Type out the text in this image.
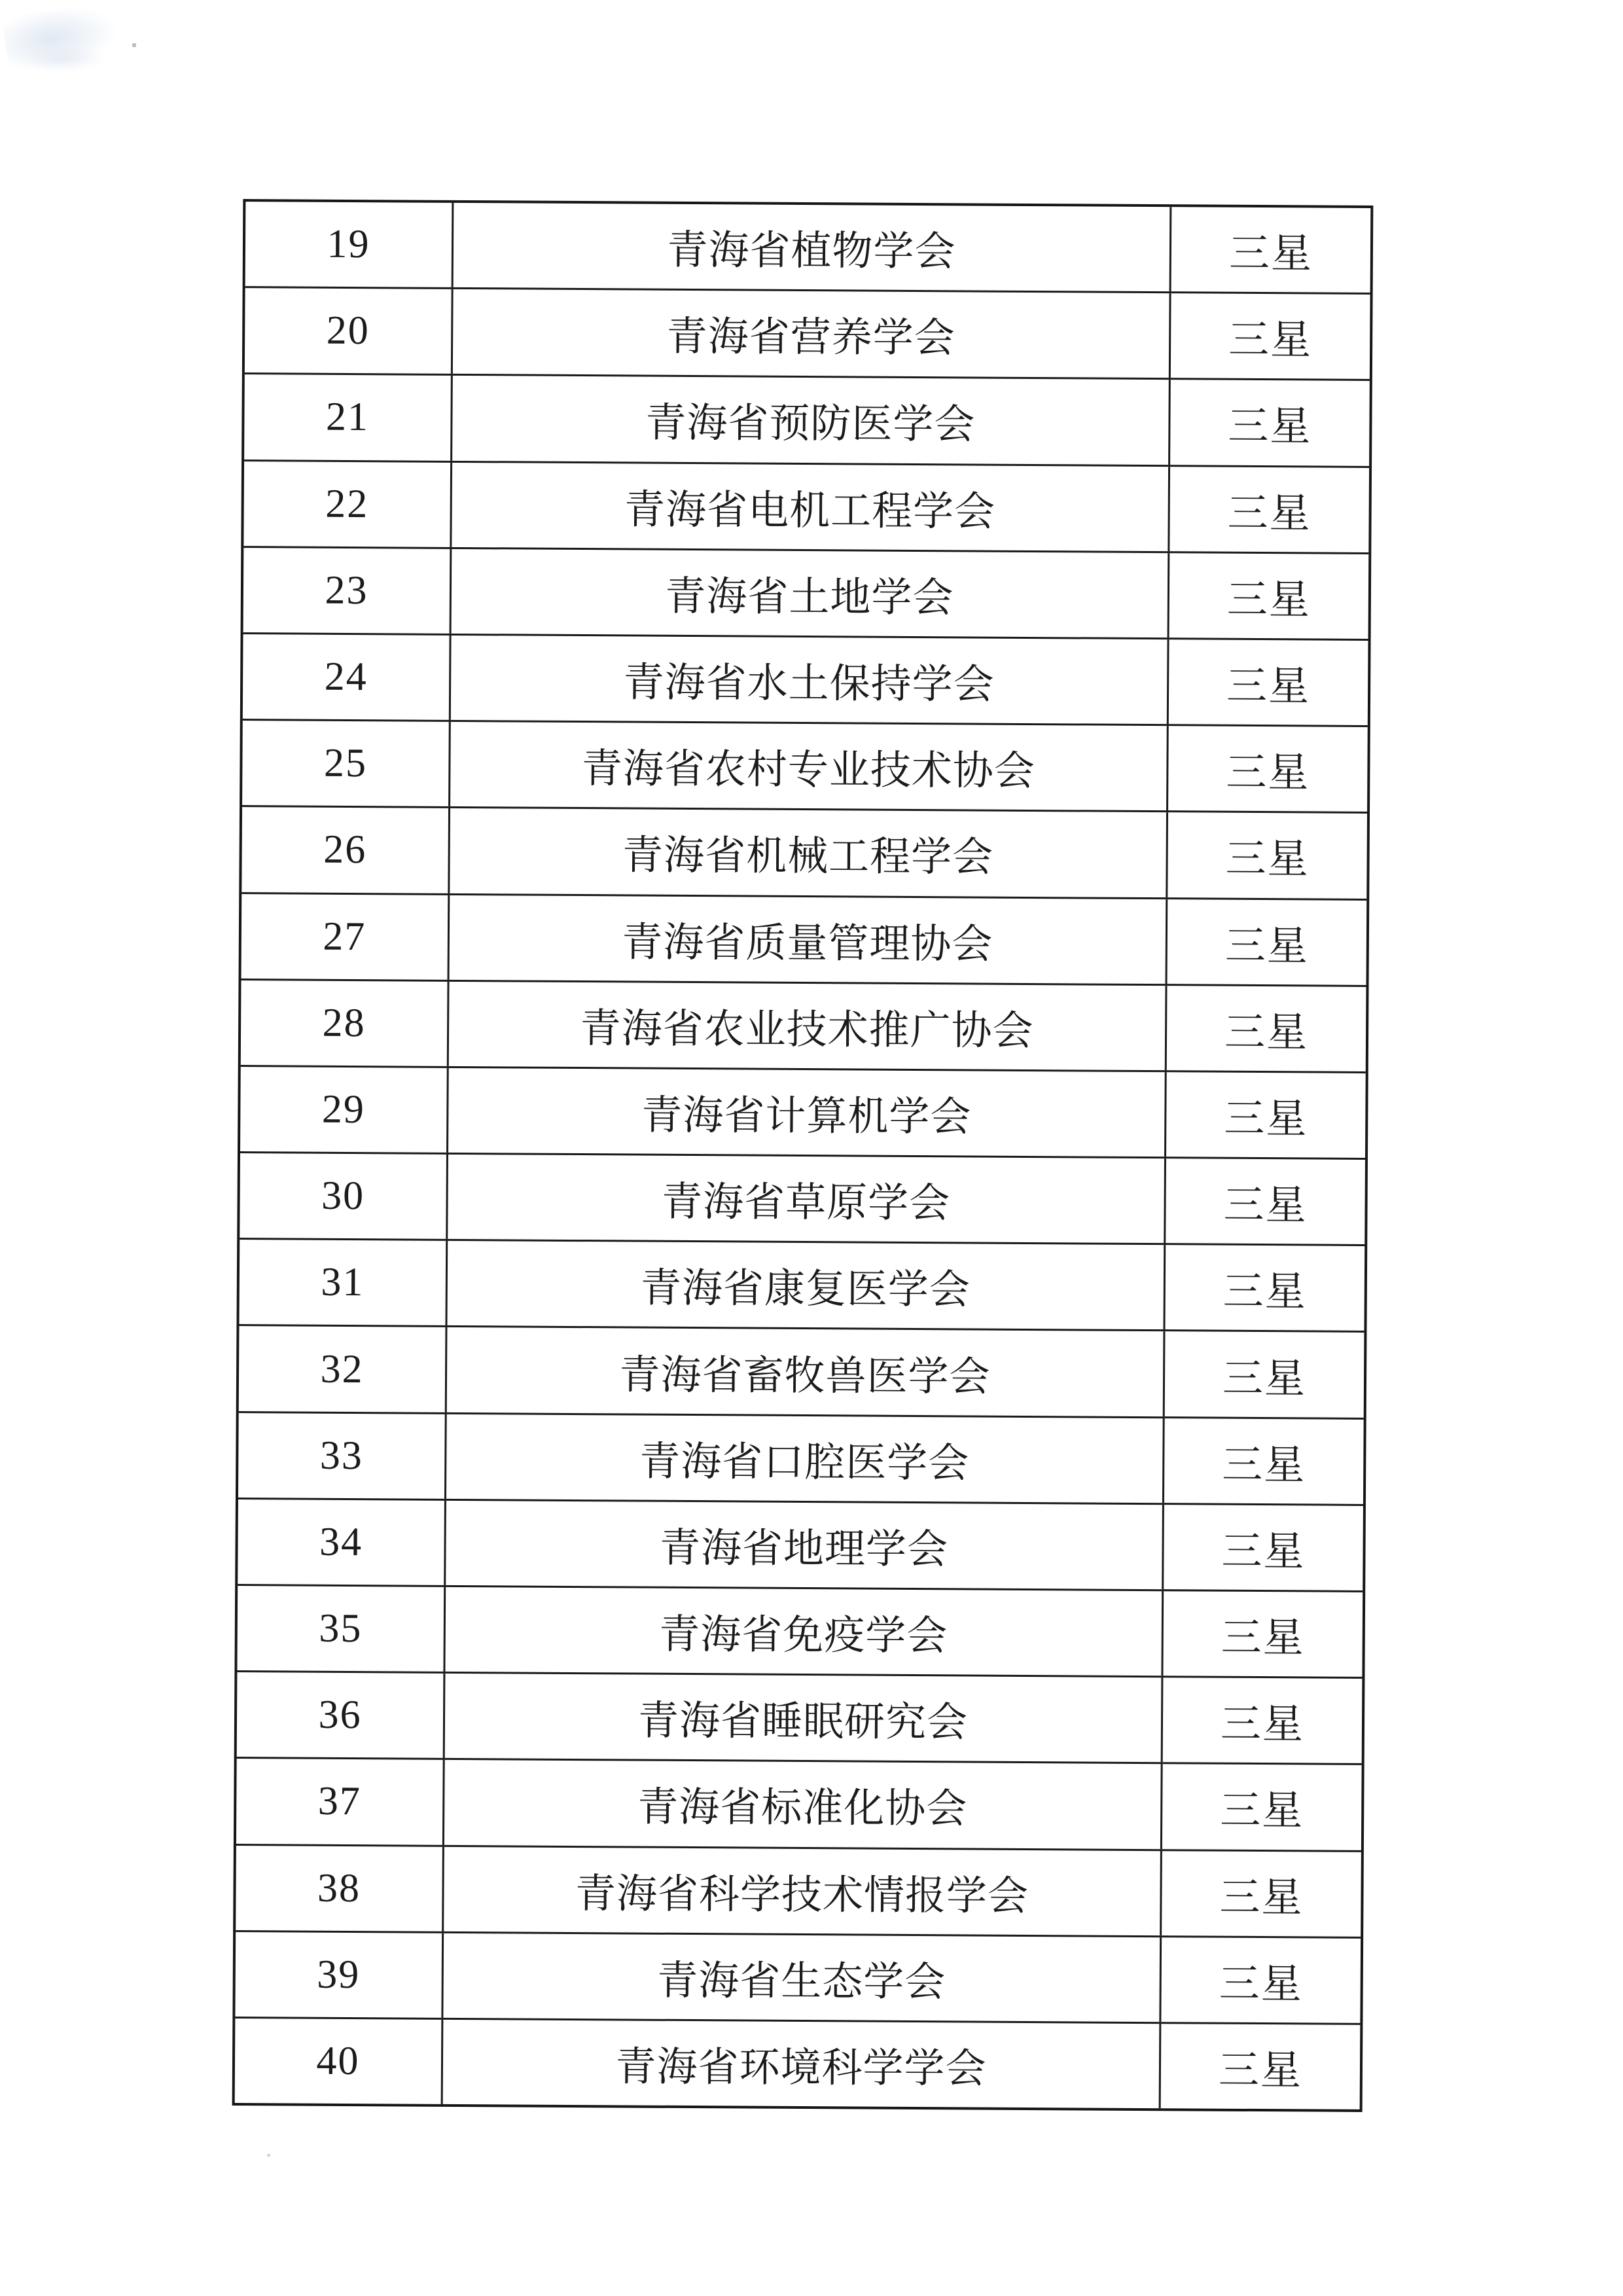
19	青海省植物学会	三星
20	青海省营养学会	三星
21	青海省预防医学会	三星
22	青海省电机工程学会	三星
23	青海省土地学会	三星
24	青海省水土保持学会	三星
25	青海省农村专业技术协会	三星
26	青海省机械工程学会	三星
27	青海省质量管理协会	三星
28	青海省农业技术推广协会	三星
29	青海省计算机学会	三星
30	青海省草原学会	三星
31	青海省康复医学会	三星
32	青海省畜牧兽医学会	三星
33	青海省口腔医学会	三星
34	青海省地理学会	三星
35	青海省免疫学会	三星
36	青海省睡眠研究会	三星
37	青海省标准化协会	三星
38	青海省科学技术情报学会	三星
39	青海省生态学会	三星
40	青海省环境科学学会	三星
